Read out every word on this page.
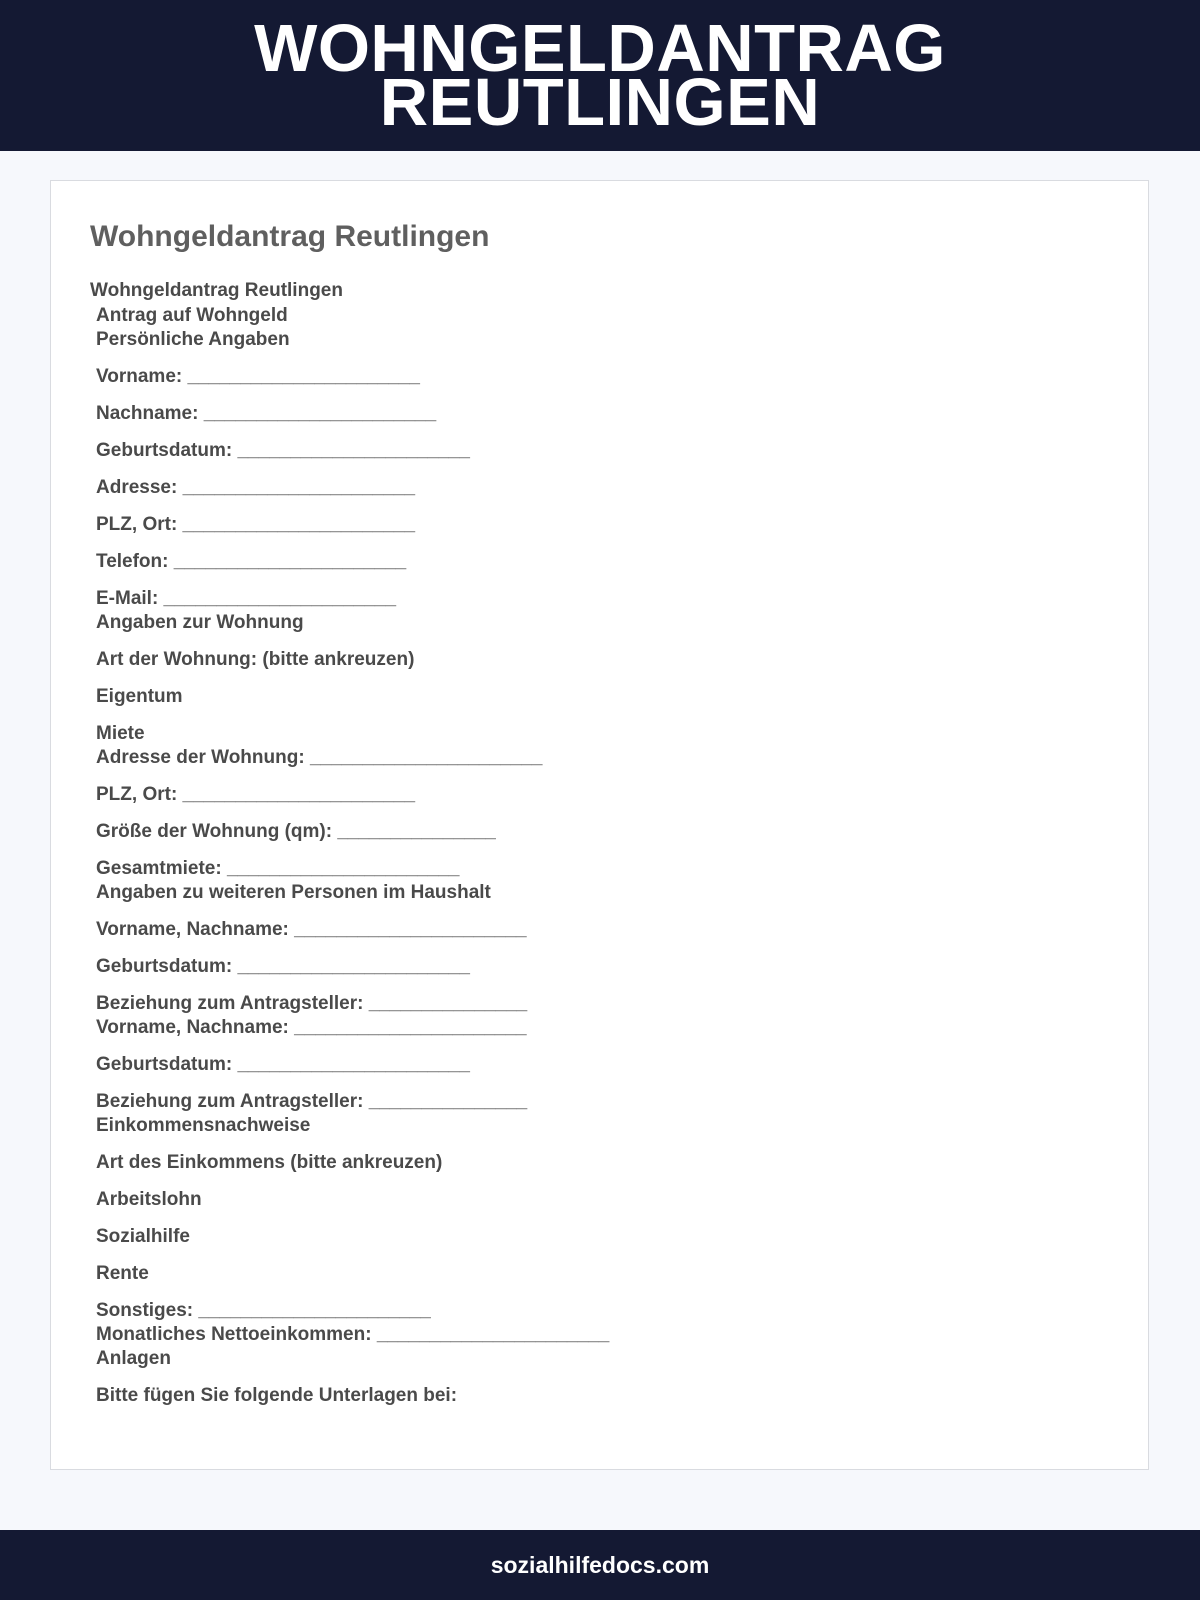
WOHNGELDANTRAG
REUTLINGEN
Wohngeldantrag Reutlingen
Wohngeldantrag Reutlingen
Antrag auf Wohngeld
Persönliche Angaben
Vorname: ______________________
Nachname: ______________________
Geburtsdatum: ______________________
Adresse: ______________________
PLZ, Ort: ______________________
Telefon: ______________________
E-Mail: ______________________
Angaben zur Wohnung
Art der Wohnung: (bitte ankreuzen)
Eigentum
Miete
Adresse der Wohnung: ______________________
PLZ, Ort: ______________________
Größe der Wohnung (qm): _______________
Gesamtmiete: ______________________
Angaben zu weiteren Personen im Haushalt
Vorname, Nachname: ______________________
Geburtsdatum: ______________________
Beziehung zum Antragsteller: _______________
Vorname, Nachname: ______________________
Geburtsdatum: ______________________
Beziehung zum Antragsteller: _______________
Einkommensnachweise
Art des Einkommens (bitte ankreuzen)
Arbeitslohn
Sozialhilfe
Rente
Sonstiges: ______________________
Monatliches Nettoeinkommen: ______________________
Anlagen
Bitte fügen Sie folgende Unterlagen bei:
sozialhilfedocs.com
